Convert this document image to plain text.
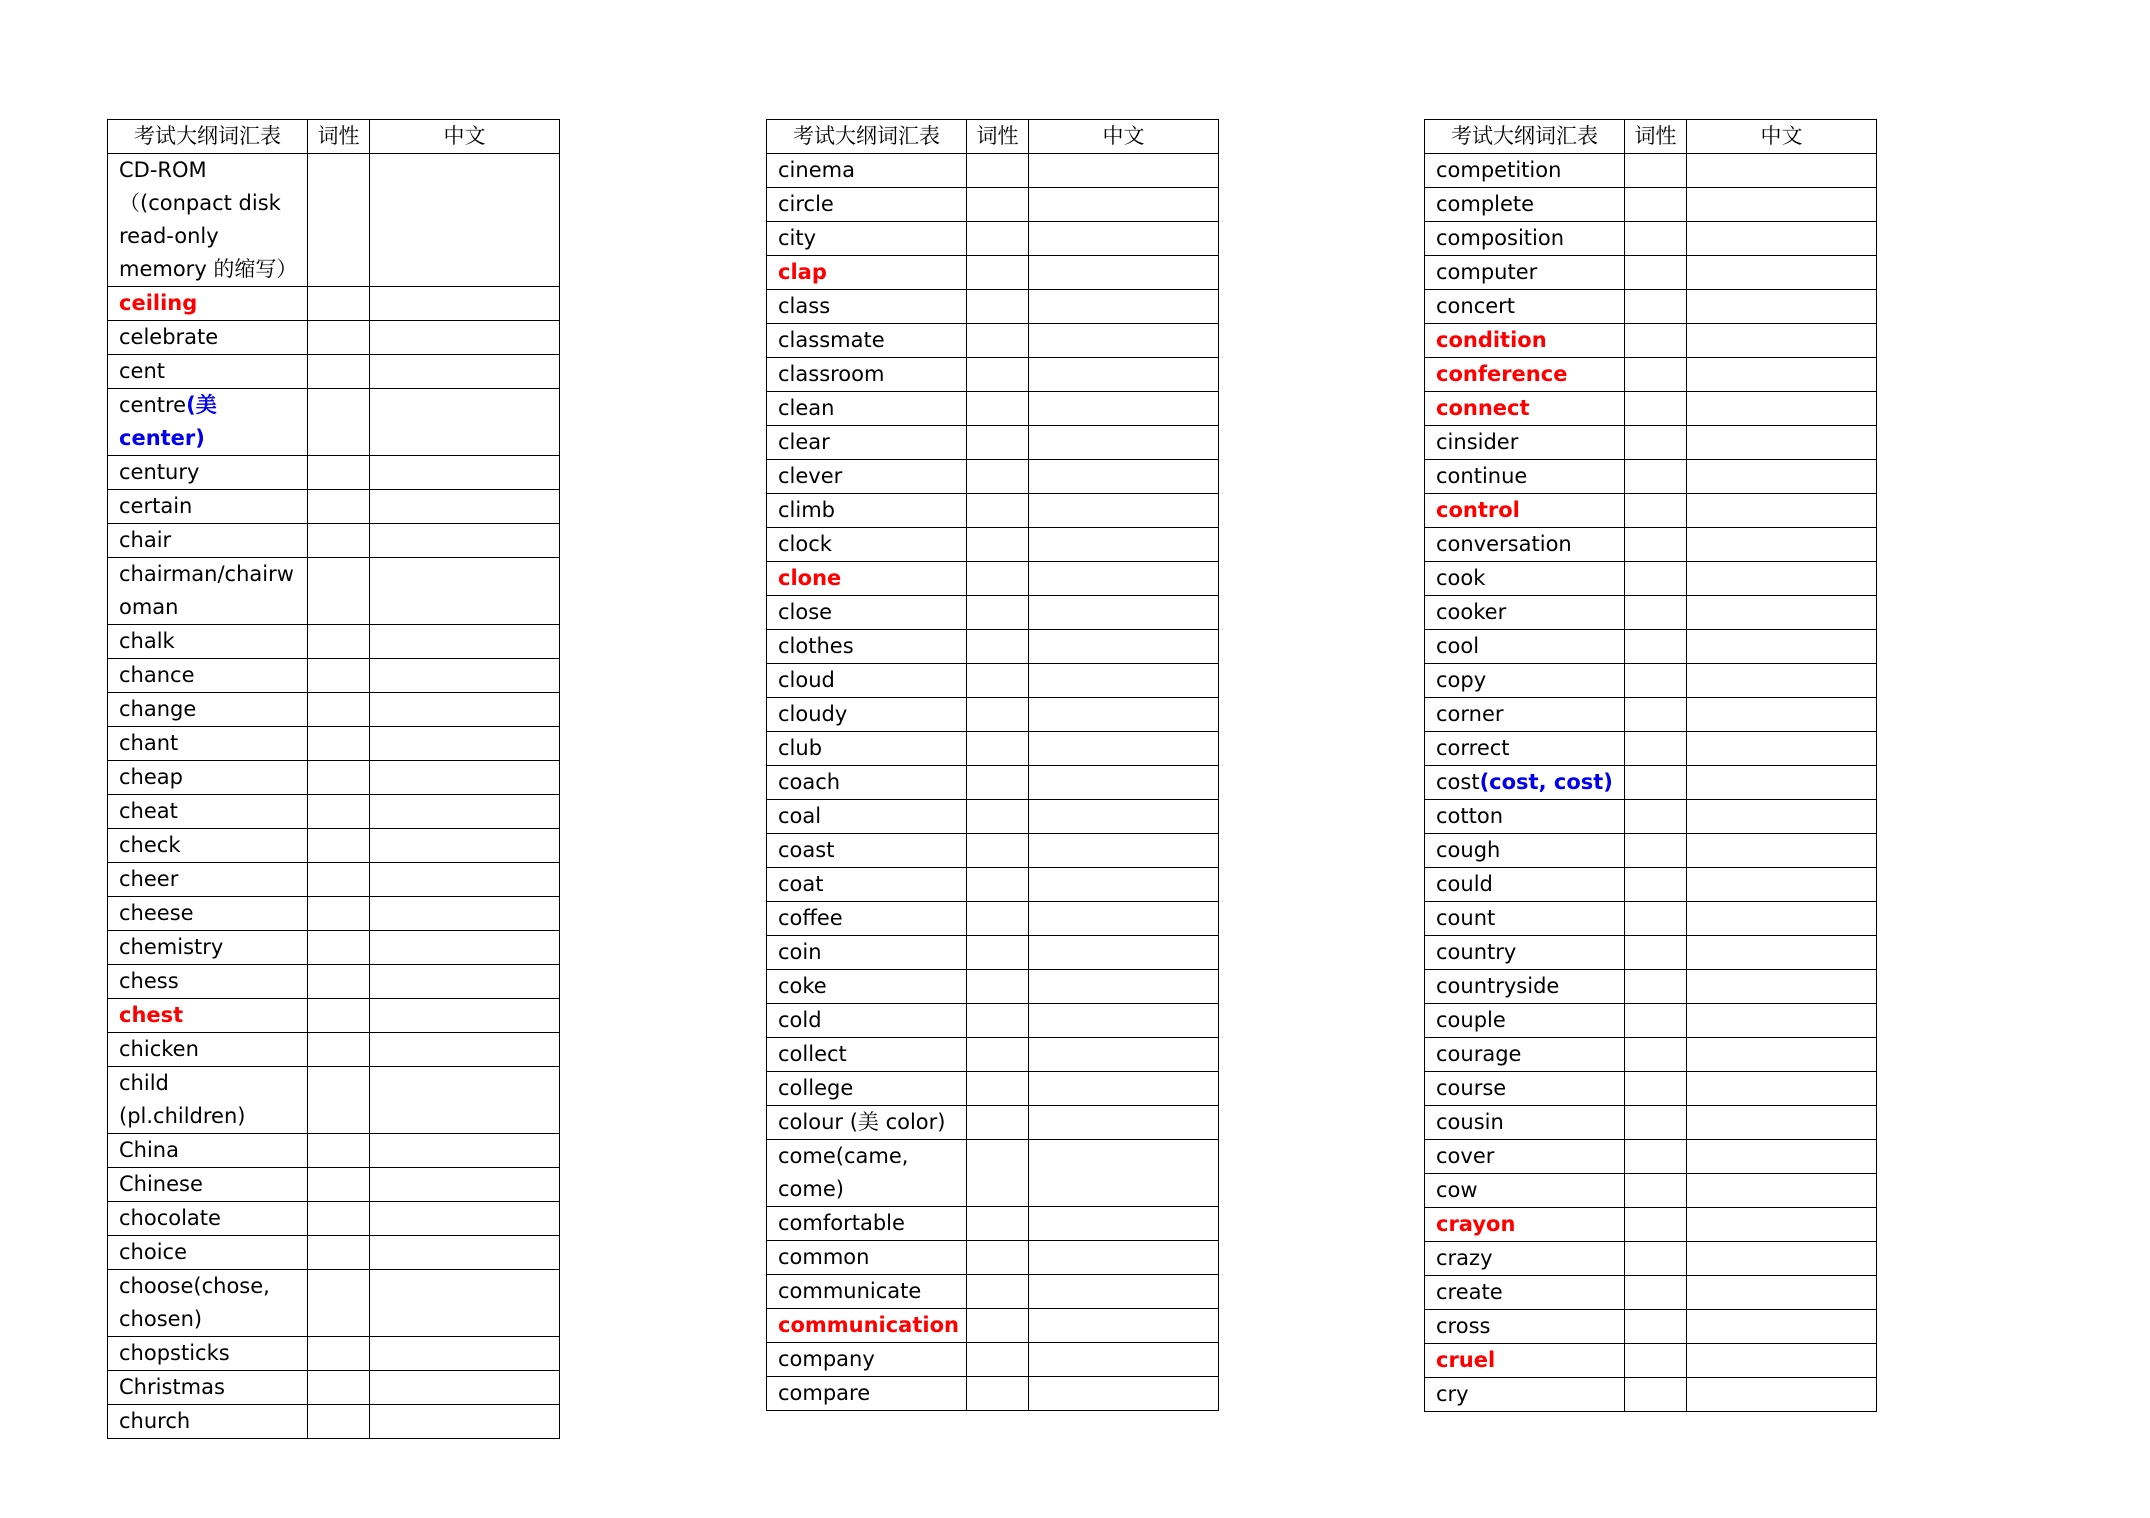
考试大纲词汇表	词性	中文
CD-ROM
（(conpact disk
read-only
memory 的缩写）		
ceiling		
celebrate		
cent		
centre(美 center)		
century		
certain		
chair		
chairman/chairw
oman		
chalk		
chance		
change		
chant		
cheap		
cheat		
check		
cheer		
cheese		
chemistry		
chess		
chest		
chicken		
child
(pl.children)		
China		
Chinese		
chocolate		
choice		
choose(chose,
chosen)		
chopsticks		
Christmas		
church		
考试大纲词汇表	词性	中文
cinema		
circle		
city		
clap		
class		
classmate		
classroom		
clean		
clear		
clever		
climb		
clock		
clone		
close		
clothes		
cloud		
cloudy		
club		
coach		
coal		
coast		
coat		
coffee		
coin		
coke		
cold		
collect		
college		
colour (美 color)		
come(came,
come)		
comfortable		
common		
communicate		
communication		
company		
compare		
考试大纲词汇表	词性	中文
competition		
complete		
composition		
computer		
concert		
condition		
conference		
connect		
cinsider		
continue		
control		
conversation		
cook		
cooker		
cool		
copy		
corner		
correct		
cost(cost, cost)		
cotton		
cough		
could		
count		
country		
countryside		
couple		
courage		
course		
cousin		
cover		
cow		
crayon		
crazy		
create		
cross		
cruel		
cry		
